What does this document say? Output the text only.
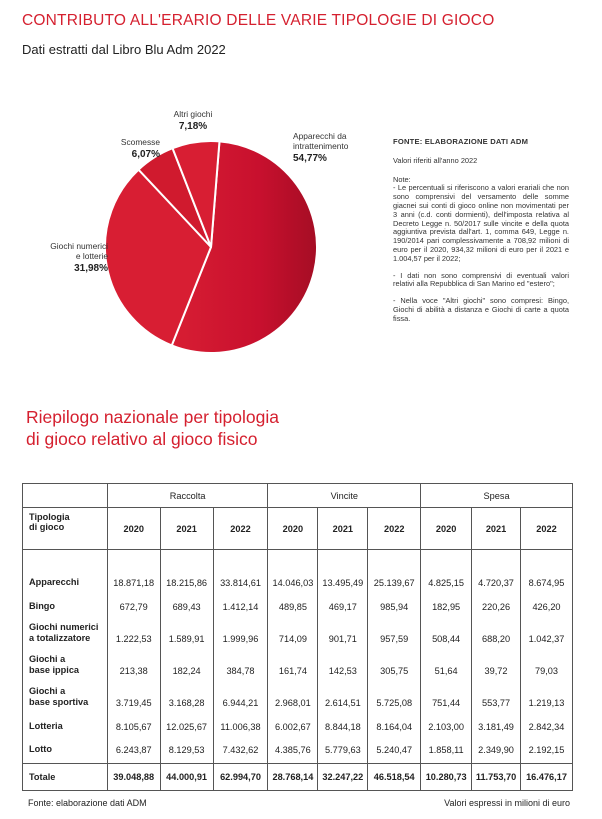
CONTRIBUTO ALL'ERARIO DELLE VARIE TIPOLOGIE DI GIOCO
Dati estratti dal Libro Blu Adm 2022
Apparecchi da
intrattenimento
54,77%
Giochi numerici
e lotterie
31,98%
Scomesse
6,07%
Altri giochi
7,18%
FONTE: ELABORAZIONE DATI ADM
Valori riferiti all'anno 2022
Note:
- Le percentuali si riferiscono a valori erariali che non sono comprensivi del versamento delle somme giacnei sui conti di gioco online non movimentati per 3 anni (c.d. conti dormienti), dell'imposta relativa al Decreto Legge n. 50/2017 sulle vincite e della quota aggiuntiva prevista dall'art. 1, comma 649, Legge n. 190/2014 pari complessivamente a 708,92 milioni di euro per il 2020, 934,32 milioni di euro per il 2021 e 1.004,57 per il 2022;
- I dati non sono comprensivi di eventuali valori relativi alla Repubblica di San Marino ed "estero";
- Nella voce "Altri giochi" sono compresi: Bingo, Giochi di abilità a distanza e Giochi di carte a quota fissa.
Riepilogo nazionale per tipologia
di gioco relativo al gioco fisico
	Raccolta			Vincite			Spesa		
Tipologia
di gioco	2020	2021	2022	2020	2021	2022	2020	2021	2022

Apparecchi	18.871,18	18.215,86	33.814,61	14.046,03	13.495,49	25.139,67	4.825,15	4.720,37	8.674,95
Bingo	672,79	689,43	1.412,14	489,85	469,17	985,94	182,95	220,26	426,20
Giochi numerici
a totalizzatore	1.222,53	1.589,91	1.999,96	714,09	901,71	957,59	508,44	688,20	1.042,37
Giochi a
base ippica	213,38	182,24	384,78	161,74	142,53	305,75	51,64	39,72	79,03
Giochi a
base sportiva	3.719,45	3.168,28	6.944,21	2.968,01	2.614,51	5.725,08	751,44	553,77	1.219,13
Lotteria	8.105,67	12.025,67	11.006,38	6.002,67	8.844,18	8.164,04	2.103,00	3.181,49	2.842,34
Lotto	6.243,87	8.129,53	7.432,62	4.385,76	5.779,63	5.240,47	1.858,11	2.349,90	2.192,15
Totale	39.048,88	44.000,91	62.994,70	28.768,14	32.247,22	46.518,54	10.280,73	11.753,70	16.476,17
Fonte: elaborazione dati ADM	Valori espressi in milioni di euro
